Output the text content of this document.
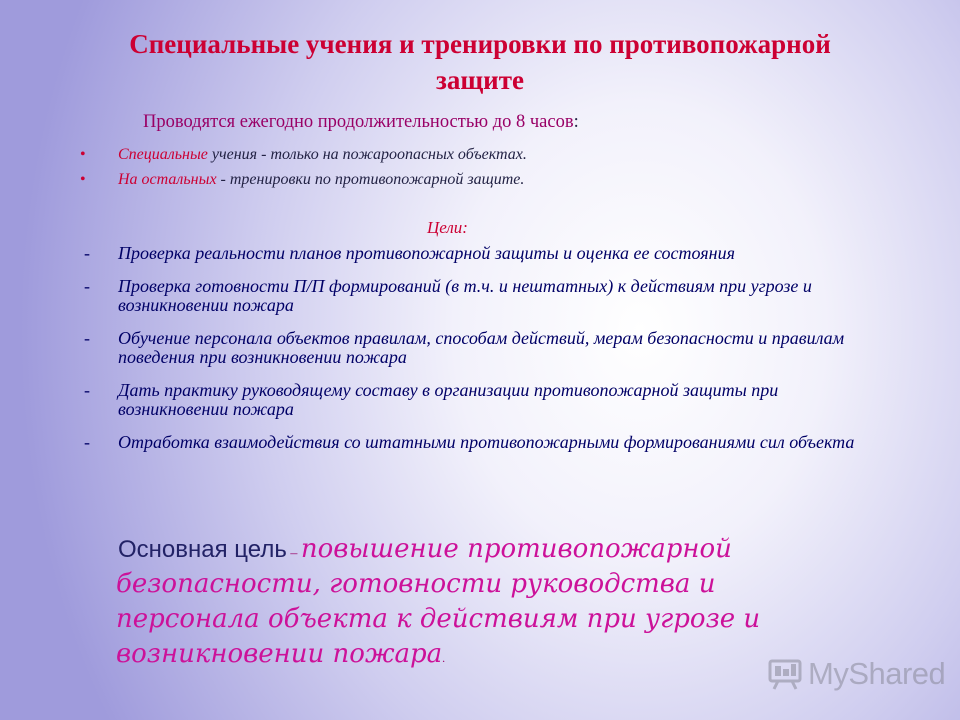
Специальные учения и тренировки по противопожарной защите

Проводятся ежегодно продолжительностью до 8 часов:

• Специальные учения - только на пожароопасных объектах.
• На остальных - тренировки по противопожарной защите.

Цели:

- Проверка реальности планов противопожарной защиты и оценка ее состояния
- Проверка готовности П/П формирований (в т.ч. и нештатных) к действиям при угрозе и возникновении пожара
- Обучение персонала объектов правилам, способам действий, мерам безопасности и правилам поведения при возникновении пожара
- Дать практику руководящему составу в организации противопожарной защиты при возникновении пожара
- Отработка взаимодействия со штатными противопожарными формированиями сил объекта

Основная цель – повышение противопожарной безопасности, готовности руководства и персонала объекта к действиям при угрозе и возникновении пожара.	MyShared
